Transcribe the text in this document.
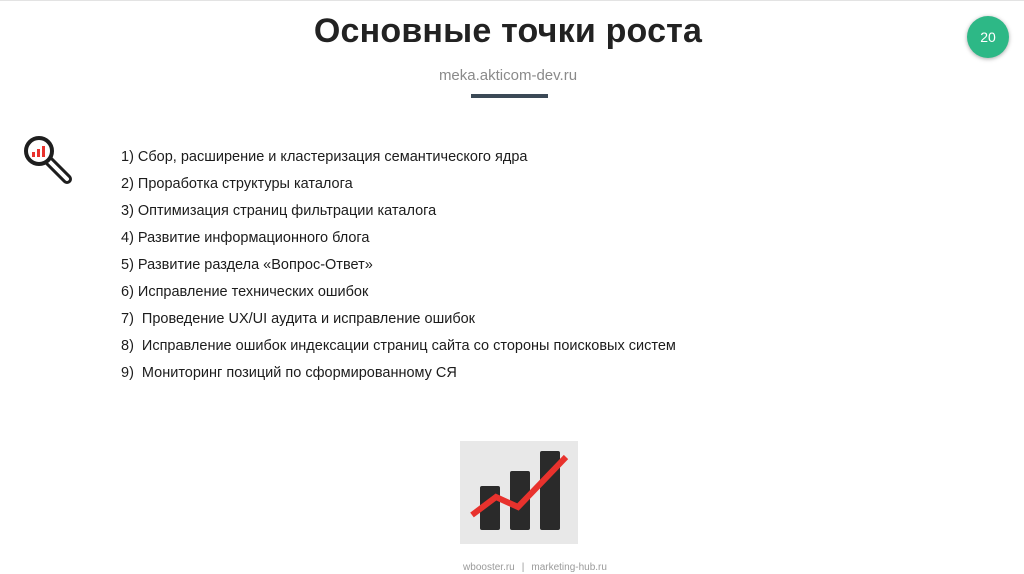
Основные точки роста
meka.akticom-dev.ru
20
1) Сбор, расширение и кластеризация семантического ядра
2) Проработка структуры каталога
3) Оптимизация страниц фильтрации каталога
4) Развитие информационного блога
5) Развитие раздела «Вопрос-Ответ»
6) Исправление технических ошибок
7) Проведение UX/UI аудита и исправление ошибок
8) Исправление ошибок индексации страниц сайта со стороны поисковых систем
9) Мониторинг позиций по сформированному СЯ
wbooster.ru | marketing-hub.ru
